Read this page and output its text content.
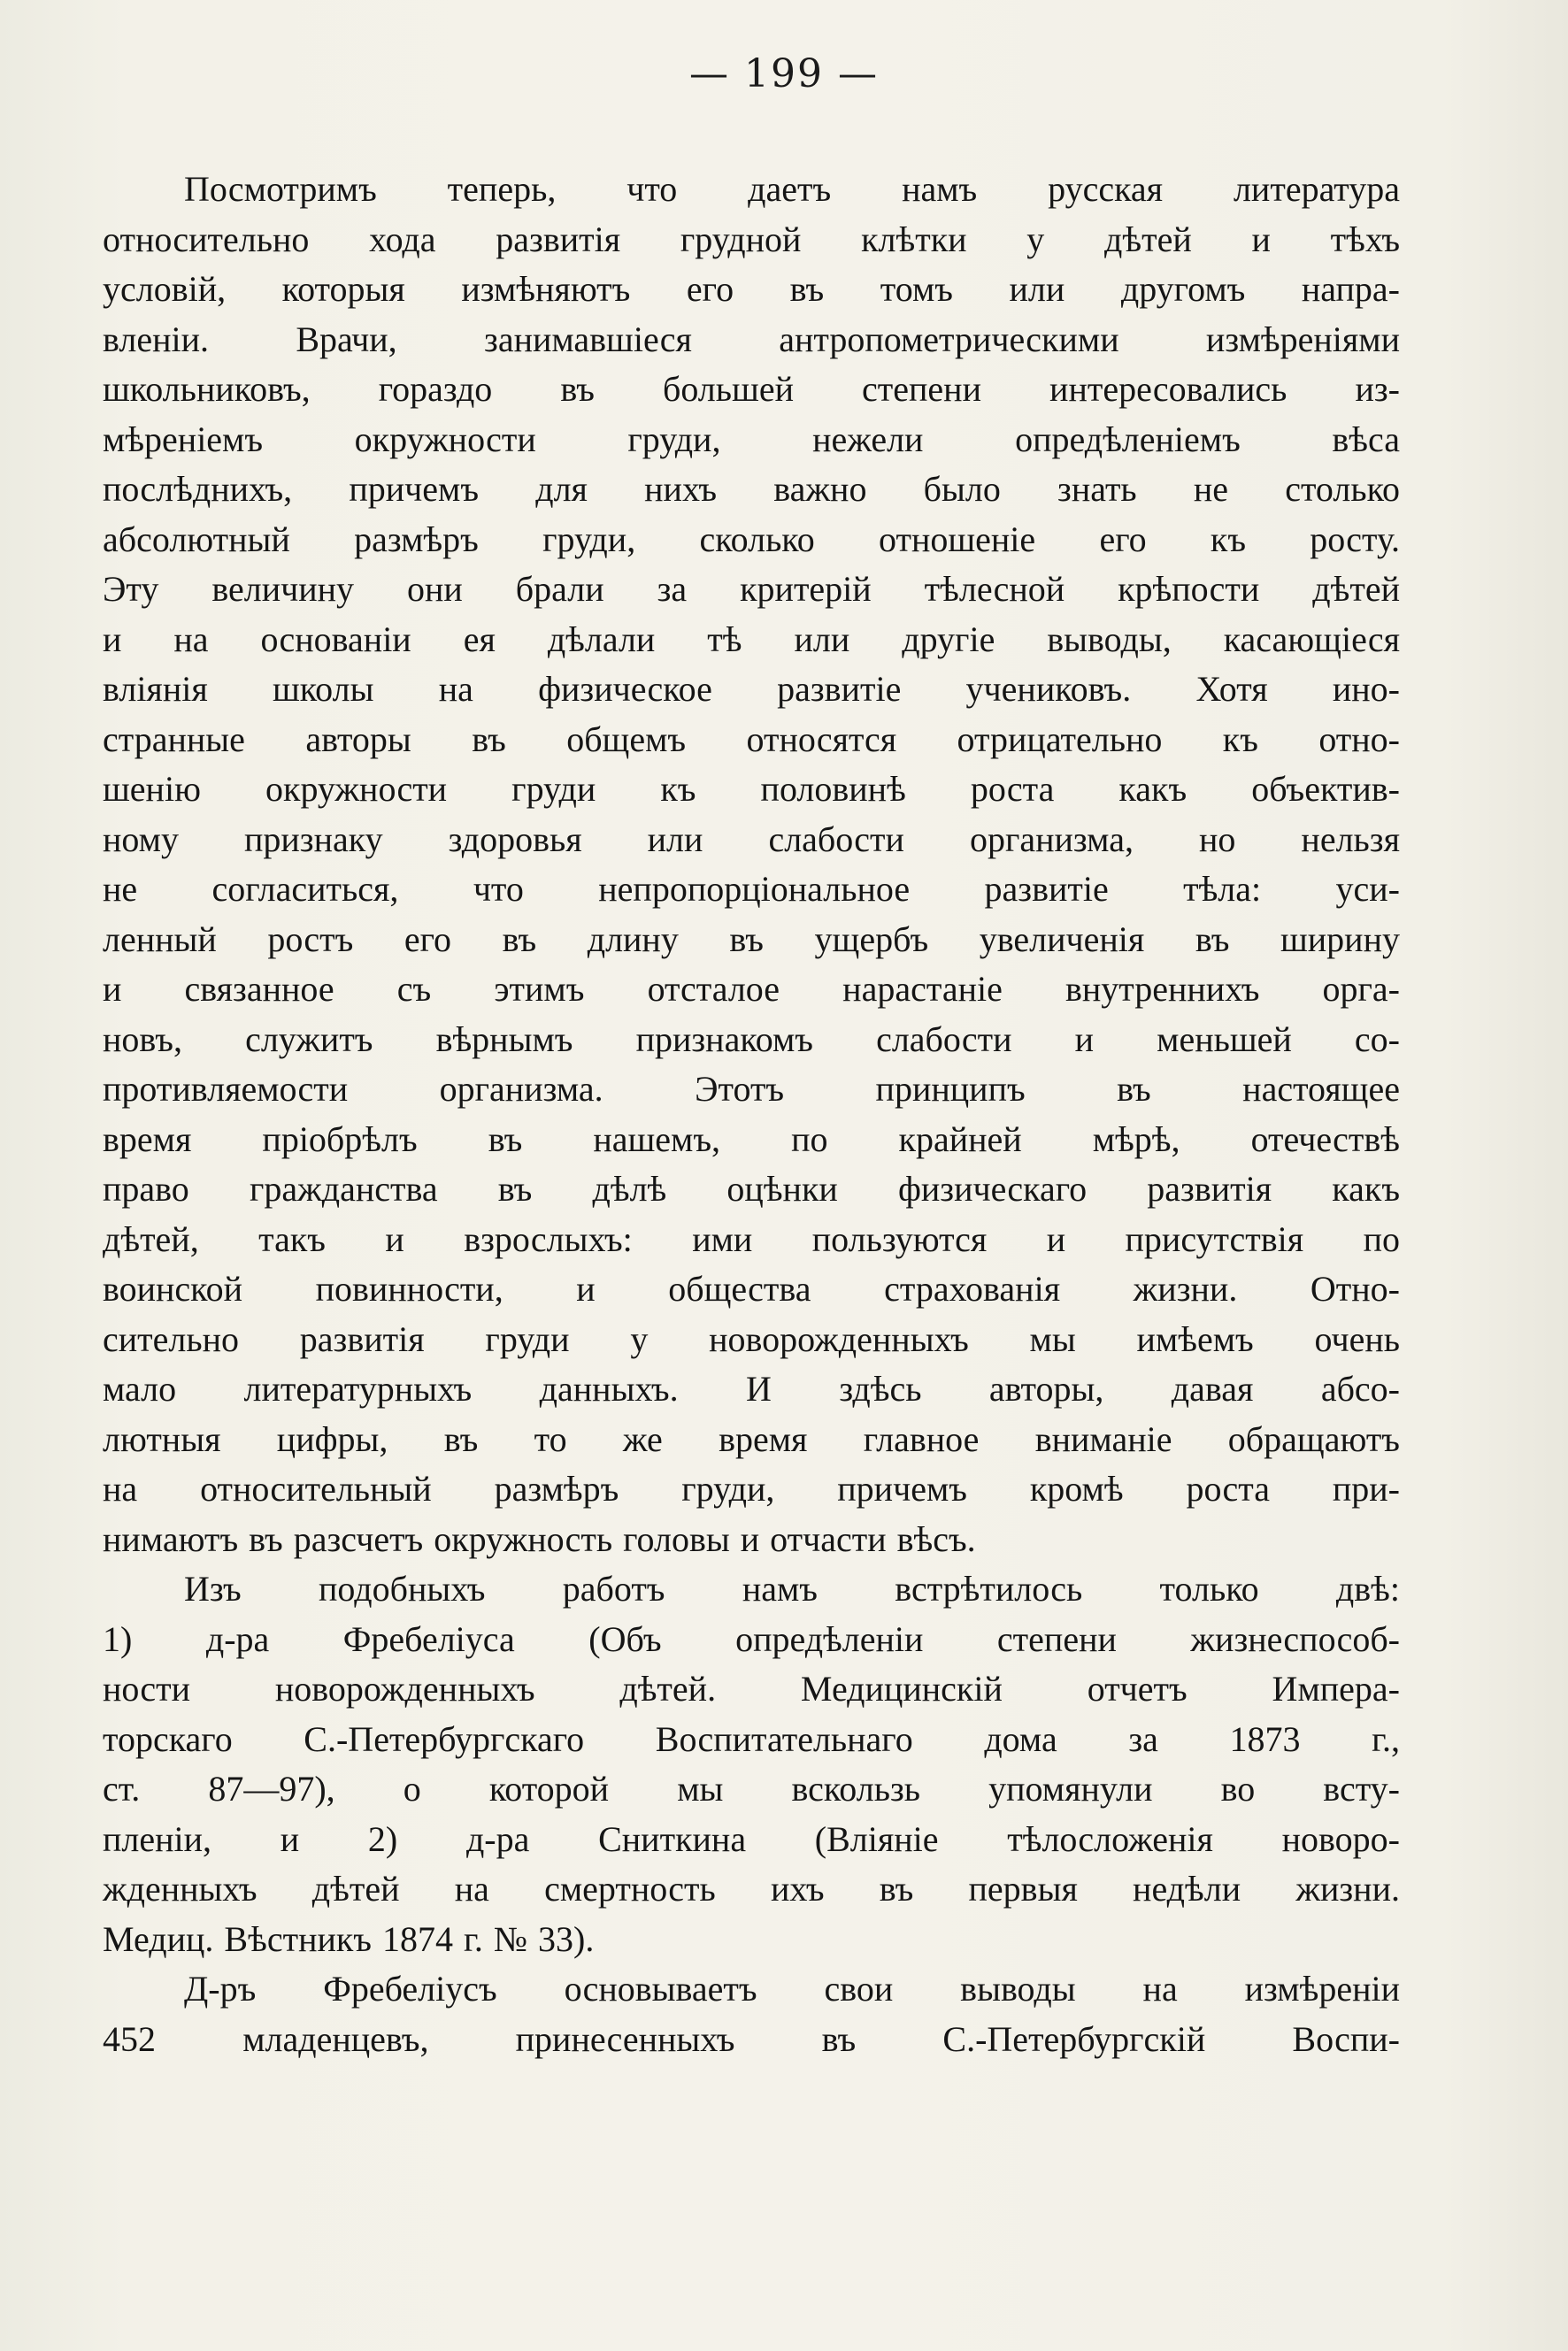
— 199 —
Посмотримъ теперь, что даетъ намъ русская литература
относительно хода развитія грудной клѣтки у дѣтей и тѣхъ
условій, которыя измѣняютъ его въ томъ или другомъ напра-
вленіи. Врачи, занимавшіеся антропометрическими измѣреніями
школьниковъ, гораздо въ большей степени интересовались из-
мѣреніемъ окружности груди, нежели опредѣленіемъ вѣса
послѣднихъ, причемъ для нихъ важно было знать не столько
абсолютный размѣръ груди, сколько отношеніе его къ росту.
Эту величину они брали за критерій тѣлесной крѣпости дѣтей
и на основаніи ея дѣлали тѣ или другіе выводы, касающіеся
вліянія школы на физическое развитіе учениковъ. Хотя ино-
странные авторы въ общемъ относятся отрицательно къ отно-
шенію окружности груди къ половинѣ роста какъ объектив-
ному признаку здоровья или слабости организма, но нельзя
не согласиться, что непропорціональное развитіе тѣла: уси-
ленный ростъ его въ длину въ ущербъ увеличенія въ ширину
и связанное съ этимъ отсталое нарастаніе внутреннихъ орга-
новъ, служитъ вѣрнымъ признакомъ слабости и меньшей со-
противляемости организма. Этотъ принципъ въ настоящее
время пріобрѣлъ въ нашемъ, по крайней мѣрѣ, отечествѣ
право гражданства въ дѣлѣ оцѣнки физическаго развитія какъ
дѣтей, такъ и взрослыхъ: ими пользуются и присутствія по
воинской повинности, и общества страхованія жизни. Отно-
сительно развитія груди у новорожденныхъ мы имѣемъ очень
мало литературныхъ данныхъ. И здѣсь авторы, давая абсо-
лютныя цифры, въ то же время главное вниманіе обращаютъ
на относительный размѣръ груди, причемъ кромѣ роста при-
нимаютъ въ разсчетъ окружность головы и отчасти вѣсъ.
Изъ подобныхъ работъ намъ встрѣтилось только двѣ:
1) д-ра Фребеліуса (Объ опредѣленіи степени жизнеспособ-
ности новорожденныхъ дѣтей. Медицинскій отчетъ Импера-
торскаго С.-Петербургскаго Воспитательнаго дома за 1873 г.,
ст. 87—97), о которой мы вскользь упомянули во всту-
пленіи, и 2) д-ра Сниткина (Вліяніе тѣлосложенія новоро-
жденныхъ дѣтей на смертность ихъ въ первыя недѣли жизни.
Медиц. Вѣстникъ 1874 г. № 33).
Д-ръ Фребеліусъ основываетъ свои выводы на измѣреніи
452 младенцевъ, принесенныхъ въ С.-Петербургскій Воспи-
